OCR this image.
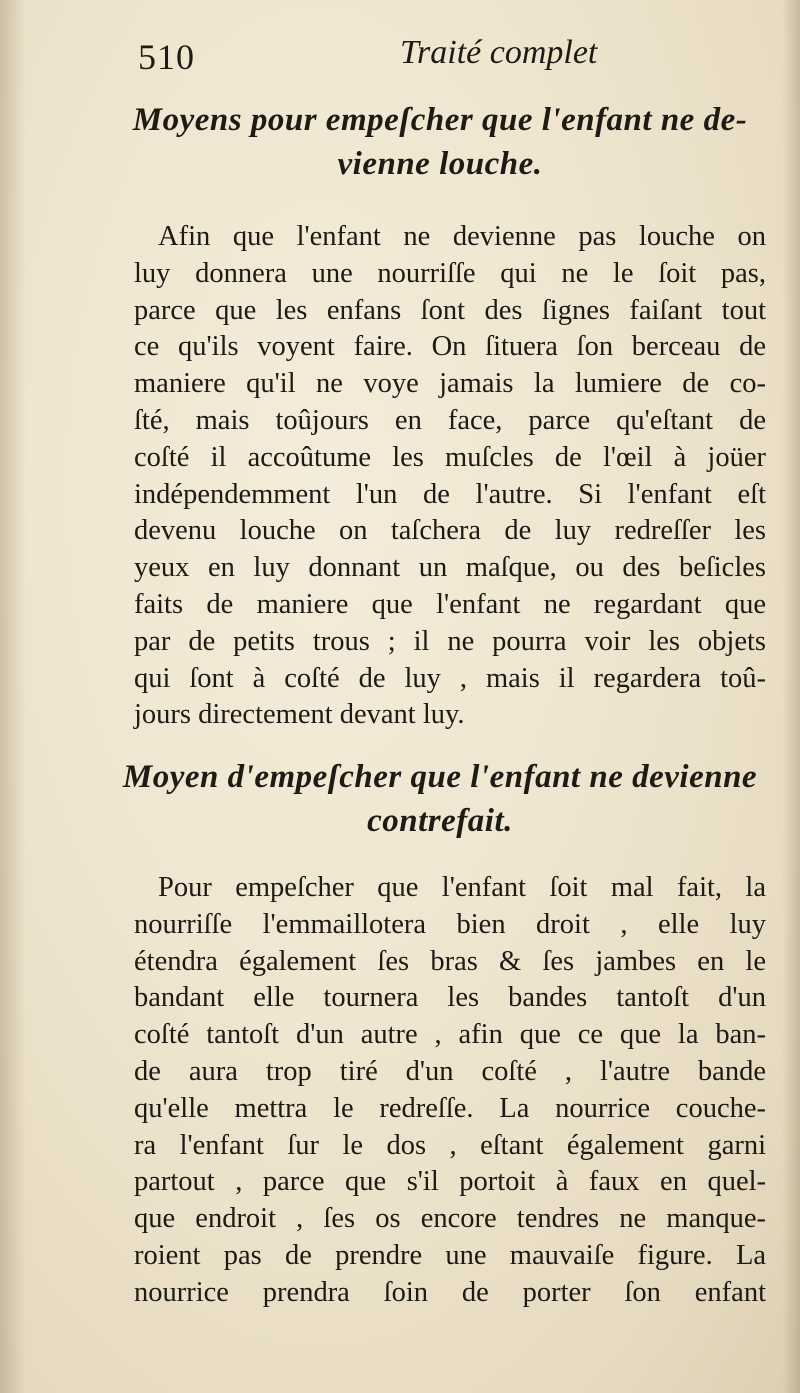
510	Traité complet
Moyens pour empeſcher que l'enfant ne de-
vienne louche.
Afin que l'enfant ne devienne pas louche on
luy donnera une nourriſſe qui ne le ſoit pas,
parce que les enfans ſont des ſignes faiſant tout
ce qu'ils voyent faire. On ſituera ſon berceau de
maniere qu'il ne voye jamais la lumiere de co-
ſté, mais toûjours en face, parce qu'eſtant de
coſté il accoûtume les muſcles de l'œil à joüer
indépendemment l'un de l'autre. Si l'enfant eſt
devenu louche on taſchera de luy redreſſer les
yeux en luy donnant un maſque, ou des beſicles
faits de maniere que l'enfant ne regardant que
par de petits trous ; il ne pourra voir les objets
qui ſont à coſté de luy , mais il regardera toû-
jours directement devant luy.
Moyen d'empeſcher que l'enfant ne devienne
contrefait.
Pour empeſcher que l'enfant ſoit mal fait, la
nourriſſe l'emmaillotera bien droit , elle luy
étendra également ſes bras & ſes jambes en le
bandant elle tournera les bandes tantoſt d'un
coſté tantoſt d'un autre , afin que ce que la ban-
de aura trop tiré d'un coſté , l'autre bande
qu'elle mettra le redreſſe. La nourrice couche-
ra l'enfant ſur le dos , eſtant également garni
partout , parce que s'il portoit à faux en quel-
que endroit , ſes os encore tendres ne manque-
roient pas de prendre une mauvaiſe figure. La
nourrice prendra ſoin de porter ſon enfant
